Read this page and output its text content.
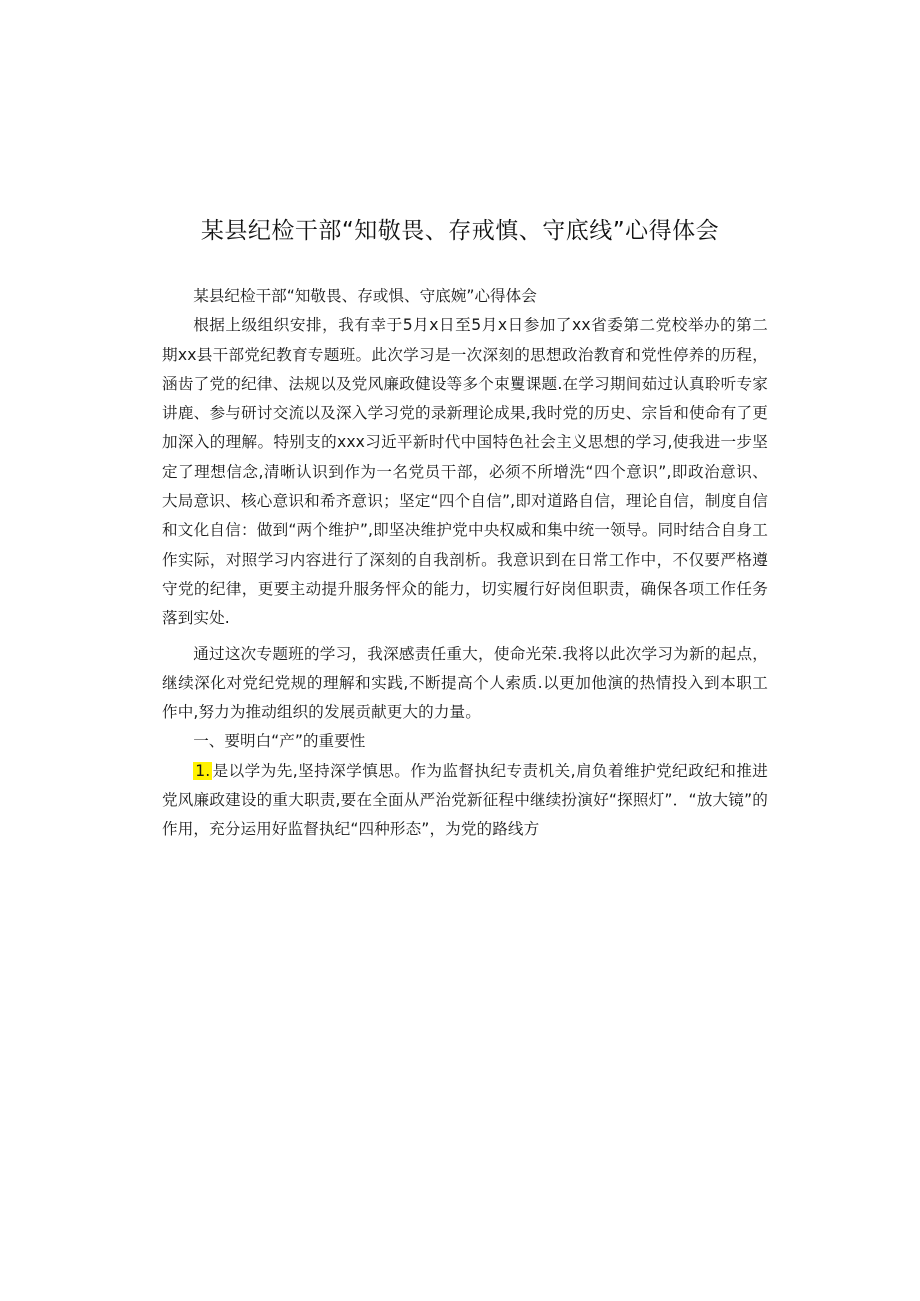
某县纪检干部“知敬畏、存戒慎、守底线”心得体会

某县纪检干部“知敬畏、存或惧、守底婉”心得体会

根据上级组织安排，我有幸于5月x日至5月x日参加了xx省委第二党校举办的第二期xx县干部党纪教育专题班。此次学习是一次深刻的思想政治教育和党性停养的历程，涵齿了党的纪律、法规以及党风廉政健设等多个束矍课题.在学习期间茹过认真聆听专家讲鹿、参与研讨交流以及深入学习党的录新理论成果,我时党的历史、宗旨和使命有了更加深入的理解。特别支的xxx习近平新时代中国特色社会主义思想的学习,使我进一步坚定了理想信念,清晰认识到作为一名党员干部，必须不所增洗“四个意识”,即政治意识、大局意识、核心意识和希齐意识；坚定“四个自信”,即对道路自信，理论自信，制度自信和文化自信：做到“两个维护”,即坚决维护党中央权威和集中统一领导。同时结合自身工作实际，对照学习内容进行了深刻的自我剖析。我意识到在日常工作中，不仅要严格遵守党的纪律，更要主动提升服务怦众的能力，切实履行好岗但职责，确保各项工作任务落到实处.

通过这次专题班的学习，我深感责任重大，使命光荣.我将以此次学习为新的起点，继续深化对党纪党规的理解和实践,不断提高个人索质.以更加他演的热情投入到本职工作中,努力为推动组织的发展贡献更大的力量。

一、要明白“产”的重要性

1. 是以学为先,坚持深学慎思。作为监督执纪专责机关,肩负着维护党纪政纪和推进党风廉政建设的重大职责,要在全面从严治党新征程中继续扮演好“探照灯”．“放大镜”的作用，充分运用好监督执纪“四种形态”，为党的路线方
